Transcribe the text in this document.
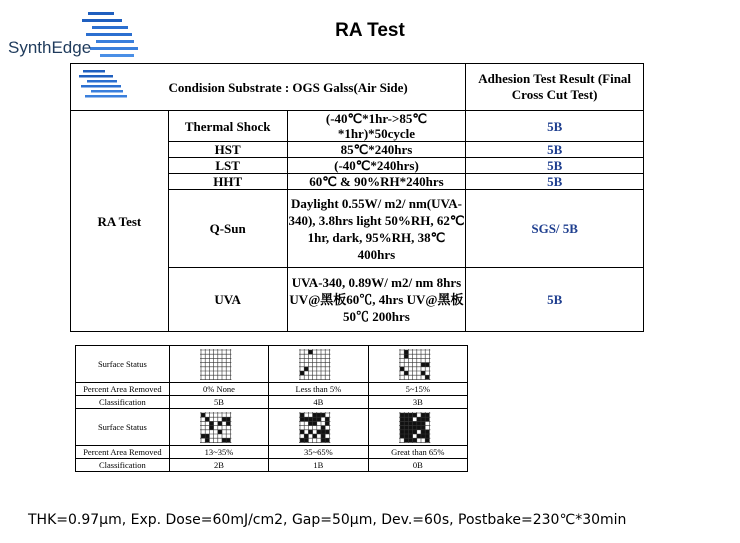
SynthEdge
RA Test
Condision Substrate : OGS Galss(Air Side)			Adhesion Test Result (Final Cross Cut Test)
RA Test	Thermal Shock	(-40℃*1hr->85℃ *1hr)*50cycle	5B
	HST	85℃*240hrs	5B
	LST	(-40℃*240hrs)	5B
	HHT	60℃ & 90%RH*240hrs	5B
	Q-Sun	Daylight 0.55W/ m2/ nm(UVA-340), 3.8hrs light 50%RH, 62℃ 1hr, dark, 95%RH, 38℃ 400hrs	SGS/ 5B
	UVA	UVA-340, 0.89W/ m2/ nm 8hrs UV@黑板60℃, 4hrs UV@黑板50℃ 200hrs	5B
Surface Status	

Percent Area Removed	0% None	Less than 5%	5~15%
Classification	5B	4B	3B
Surface Status	

Percent Area Removed	13~35%	35~65%	Great than 65%
Classification	2B	1B	0B
THK=0.97μm, Exp. Dose=60mJ/cm2, Gap=50μm, Dev.=60s, Postbake=230℃*30min
